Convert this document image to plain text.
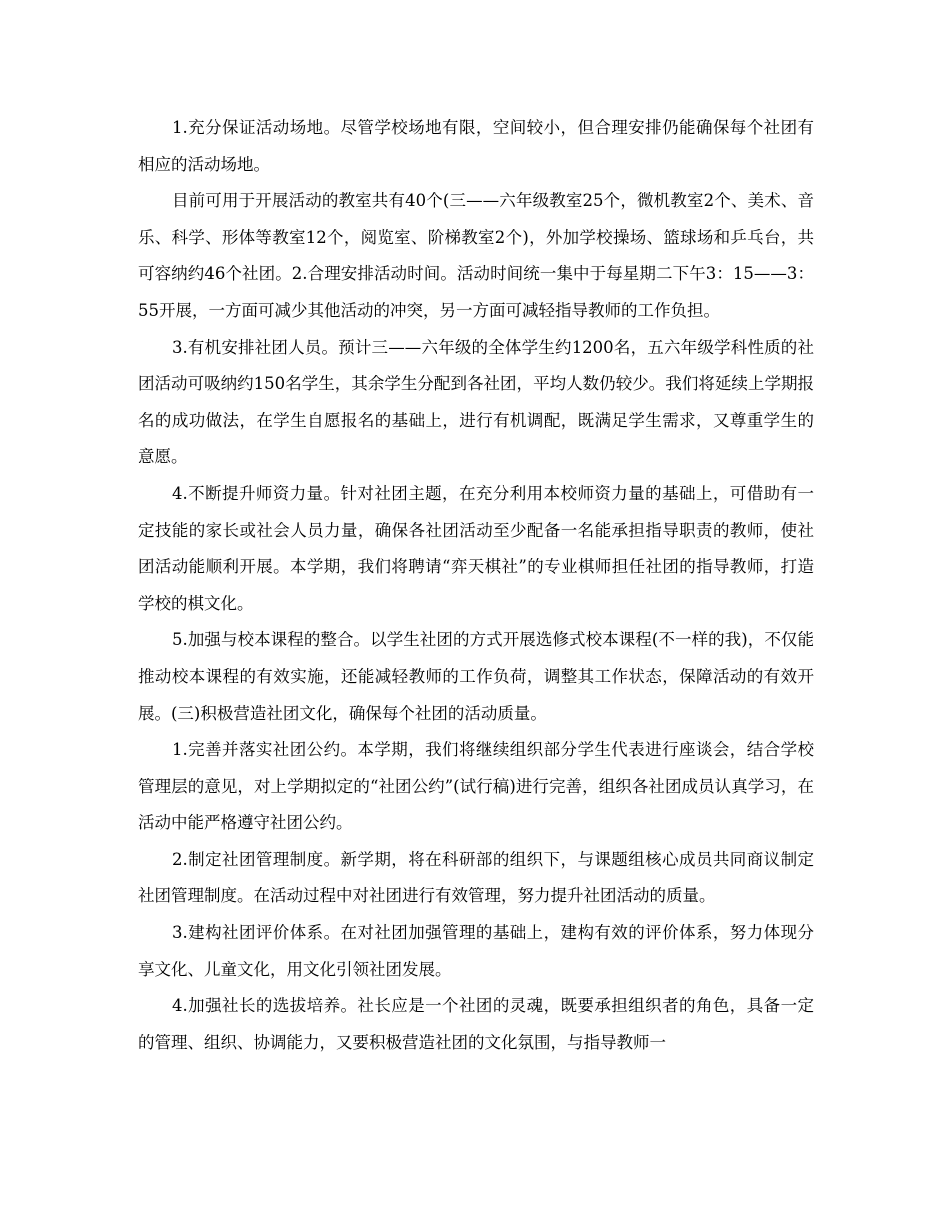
1.充分保证活动场地。尽管学校场地有限，空间较小，但合理安排仍能确保每个社团有相应的活动场地。

目前可用于开展活动的教室共有40个(三——六年级教室25个，微机教室2个、美术、音乐、科学、形体等教室12个，阅览室、阶梯教室2个)，外加学校操场、篮球场和乒乓台，共可容纳约46个社团。2.合理安排活动时间。活动时间统一集中于每星期二下午3：15——3：55开展，一方面可减少其他活动的冲突，另一方面可减轻指导教师的工作负担。

3.有机安排社团人员。预计三——六年级的全体学生约1200名，五六年级学科性质的社团活动可吸纳约150名学生，其余学生分配到各社团，平均人数仍较少。我们将延续上学期报名的成功做法，在学生自愿报名的基础上，进行有机调配，既满足学生需求，又尊重学生的意愿。

4.不断提升师资力量。针对社团主题，在充分利用本校师资力量的基础上，可借助有一定技能的家长或社会人员力量，确保各社团活动至少配备一名能承担指导职责的教师，使社团活动能顺利开展。本学期，我们将聘请“弈天棋社”的专业棋师担任社团的指导教师，打造学校的棋文化。

5.加强与校本课程的整合。以学生社团的方式开展选修式校本课程(不一样的我)，不仅能推动校本课程的有效实施，还能减轻教师的工作负荷，调整其工作状态，保障活动的有效开展。(三)积极营造社团文化，确保每个社团的活动质量。

1.完善并落实社团公约。本学期，我们将继续组织部分学生代表进行座谈会，结合学校管理层的意见，对上学期拟定的“社团公约”(试行稿)进行完善，组织各社团成员认真学习，在活动中能严格遵守社团公约。

2.制定社团管理制度。新学期，将在科研部的组织下，与课题组核心成员共同商议制定社团管理制度。在活动过程中对社团进行有效管理，努力提升社团活动的质量。

3.建构社团评价体系。在对社团加强管理的基础上，建构有效的评价体系，努力体现分享文化、儿童文化，用文化引领社团发展。

4.加强社长的选拔培养。社长应是一个社团的灵魂，既要承担组织者的角色，具备一定的管理、组织、协调能力，又要积极营造社团的文化氛围，与指导教师一
